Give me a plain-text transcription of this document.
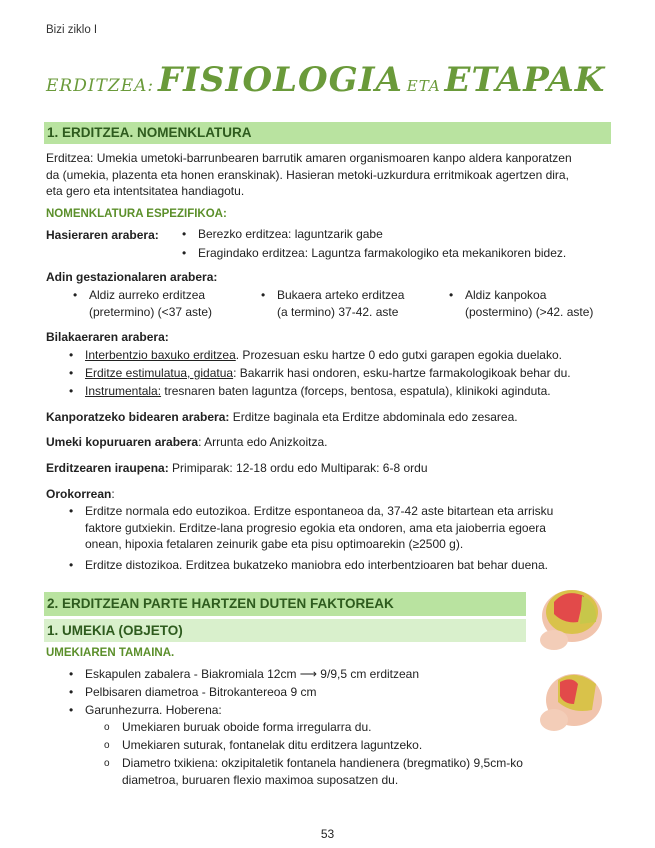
Bizi ziklo I
ERDITZEA: FISIOLOGIA ETA ETAPAK
1. ERDITZEA. NOMENKLATURA
Erditzea: Umekia umetoki-barrunbearen barrutik amaren organismoaren kanpo aldera kanporatzen
da (umekia, plazenta eta honen eranskinak). Hasieran metoki-uzkurdura erritmikoak agertzen dira,
eta gero eta intentsitatea handiagotu.
NOMENKLATURA ESPEZIFIKOA:
Hasieraren arabera:
•	Berezko erditzea: laguntzarik gabe
• Eragindako erditzea: Laguntza farmakologiko eta mekanikoren bidez.
Adin gestazionalaren arabera:
• Aldiz aurreko erditzea
(pretermino) (<37 aste)
• Bukaera arteko erditzea
(a termino) 37-42. aste
• Aldiz kanpokoa
(postermino) (>42. aste)
Bilakaeraren arabera:
• Interbentzio baxuko erditzea. Prozesuan esku hartze 0 edo gutxi garapen egokia duelako.
• Erditze estimulatua, gidatua: Bakarrik hasi ondoren, esku-hartze farmakologikoak behar du.
• Instrumentala: tresnaren baten laguntza (forceps, bentosa, espatula), klinikoki aginduta.
Kanporatzeko bidearen arabera: Erditze baginala eta Erditze abdominala edo zesarea.
Umeki kopuruaren arabera: Arrunta edo Anizkoitza.
Erditzearen iraupena: Primiparak: 12-18 ordu edo Multiparak: 6-8 ordu
Orokorrean:
• Erditze normala edo eutozikoa. Erditze espontaneoa da, 37-42 aste bitartean eta arrisku
faktore gutxiekin. Erditze-lana progresio egokia eta ondoren, ama eta jaioberria egoera
onean, hipoxia fetalaren zeinurik gabe eta pisu optimoarekin (≥2500 g).
• Erditze distozikoa. Erditzea bukatzeko maniobra edo interbentzioaren bat behar duena.
2. ERDITZEAN PARTE HARTZEN DUTEN FAKTOREAK
1. UMEKIA (OBJETO)
UMEKIAREN TAMAINA.
• Eskapulen zabalera - Biakromiala 12cm ⟶ 9/9,5 cm erditzean
• Pelbisaren diametroa - Bitrokantereoa 9 cm
• Garunhezurra. Hoberena:
o Umekiaren buruak oboide forma irregularra du.
o Umekiaren suturak, fontanelak ditu erditzera laguntzeko.
o Diametro txikiena: okzipitaletik fontanela handienera (bregmatiko) 9,5cm-ko
diametroa, buruaren flexio maximoa suposatzen du.
53
